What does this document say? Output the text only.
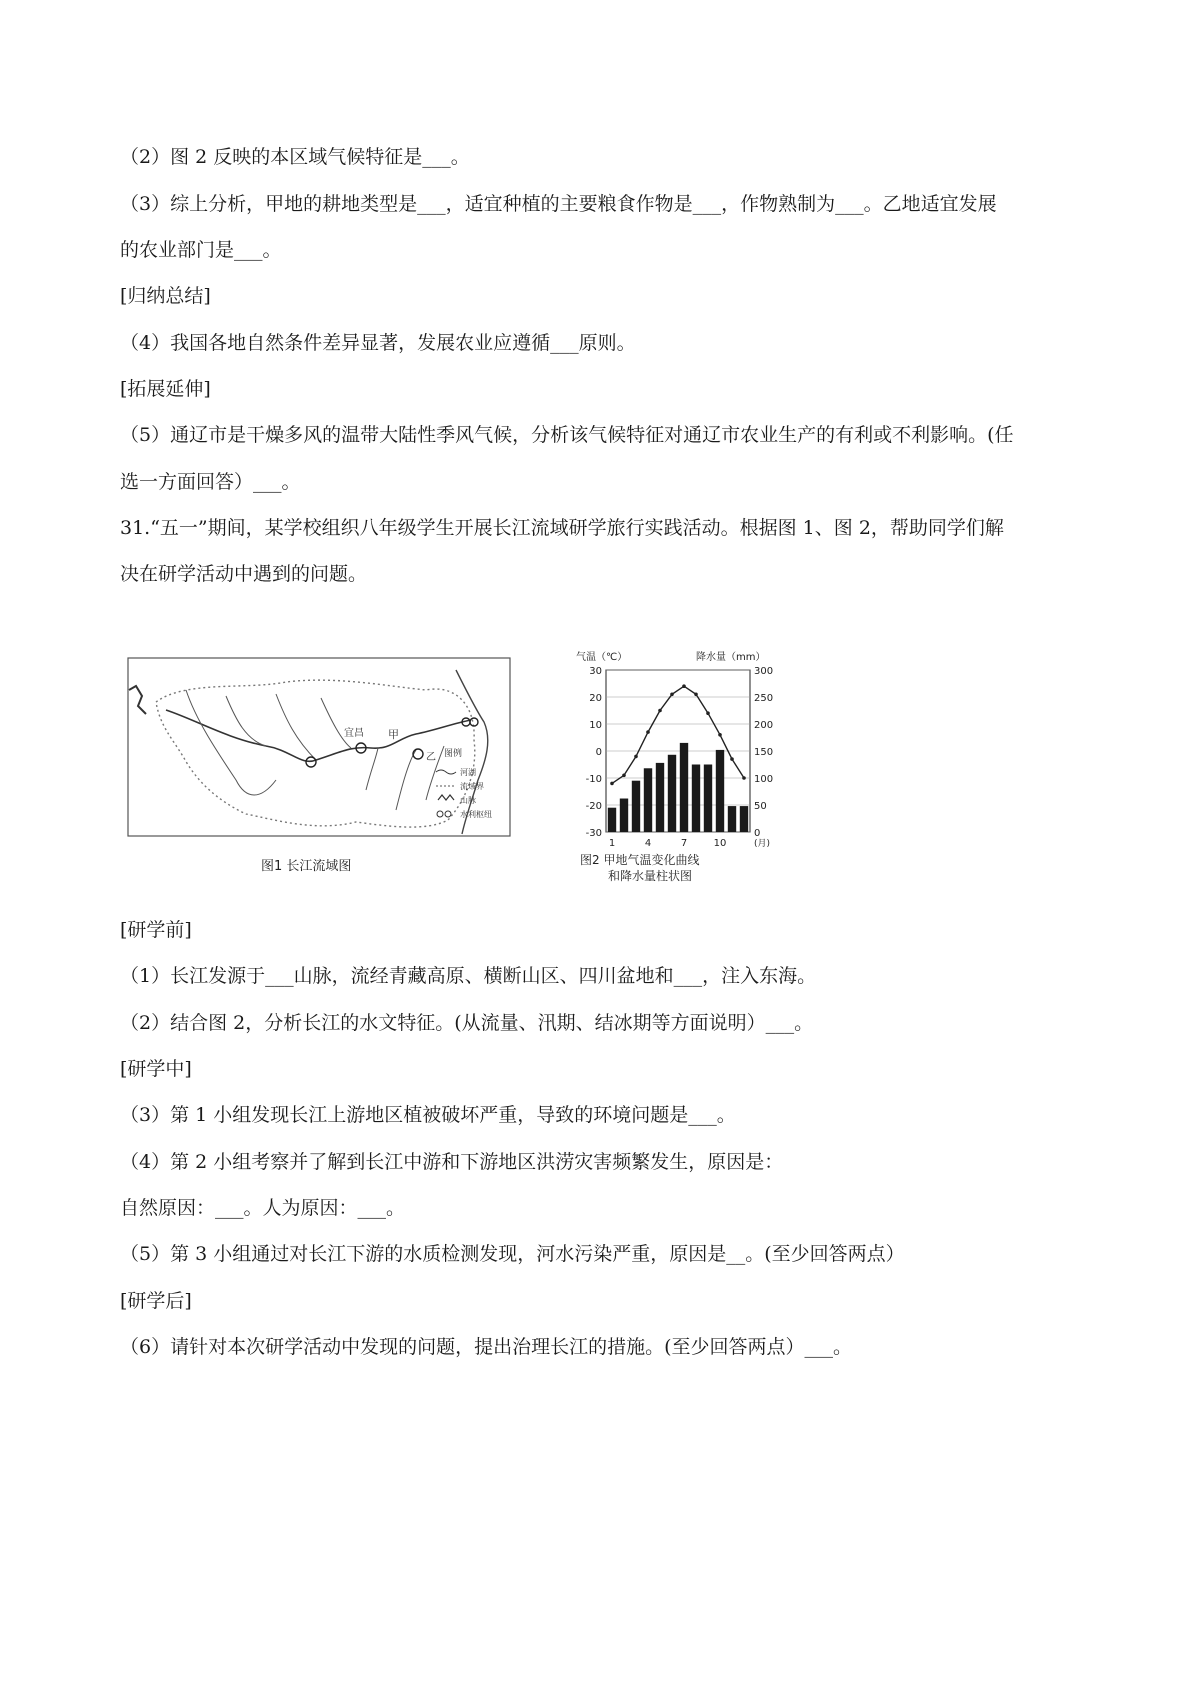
（2）图 2 反映的本区域气候特征是___。
（3）综上分析，甲地的耕地类型是___，适宜种植的主要粮食作物是___，作物熟制为___。乙地适宜发展
的农业部门是___。
[归纳总结]
（4）我国各地自然条件差异显著，发展农业应遵循___原则。
[拓展延伸]
（5）通辽市是干燥多风的温带大陆性季风气候，分析该气候特征对通辽市农业生产的有利或不利影响。(任
选一方面回答）___。
31.“五一”期间，某学校组织八年级学生开展长江流域研学旅行实践活动。根据图 1、图 2，帮助同学们解
决在研学活动中遇到的问题。
宜昌 甲
乙 图例
河湖
流域界
山脉
水利枢纽
图1 长江流域图
气温（℃）	降水量（mm）
30
20
10
0
-10
-20
-30
300
250
200
150
100
50
0
1	4	7	10	(月)
图2 甲地气温变化曲线
和降水量柱状图
[研学前]
（1）长江发源于___山脉，流经青藏高原、横断山区、四川盆地和___，注入东海。
（2）结合图 2，分析长江的水文特征。(从流量、汛期、结冰期等方面说明）___。
[研学中]
（3）第 1 小组发现长江上游地区植被破坏严重，导致的环境问题是___。
（4）第 2 小组考察并了解到长江中游和下游地区洪涝灾害频繁发生，原因是：
自然原因：___。人为原因：___。
（5）第 3 小组通过对长江下游的水质检测发现，河水污染严重，原因是__。(至少回答两点）
[研学后]
（6）请针对本次研学活动中发现的问题，提出治理长江的措施。(至少回答两点）___。
